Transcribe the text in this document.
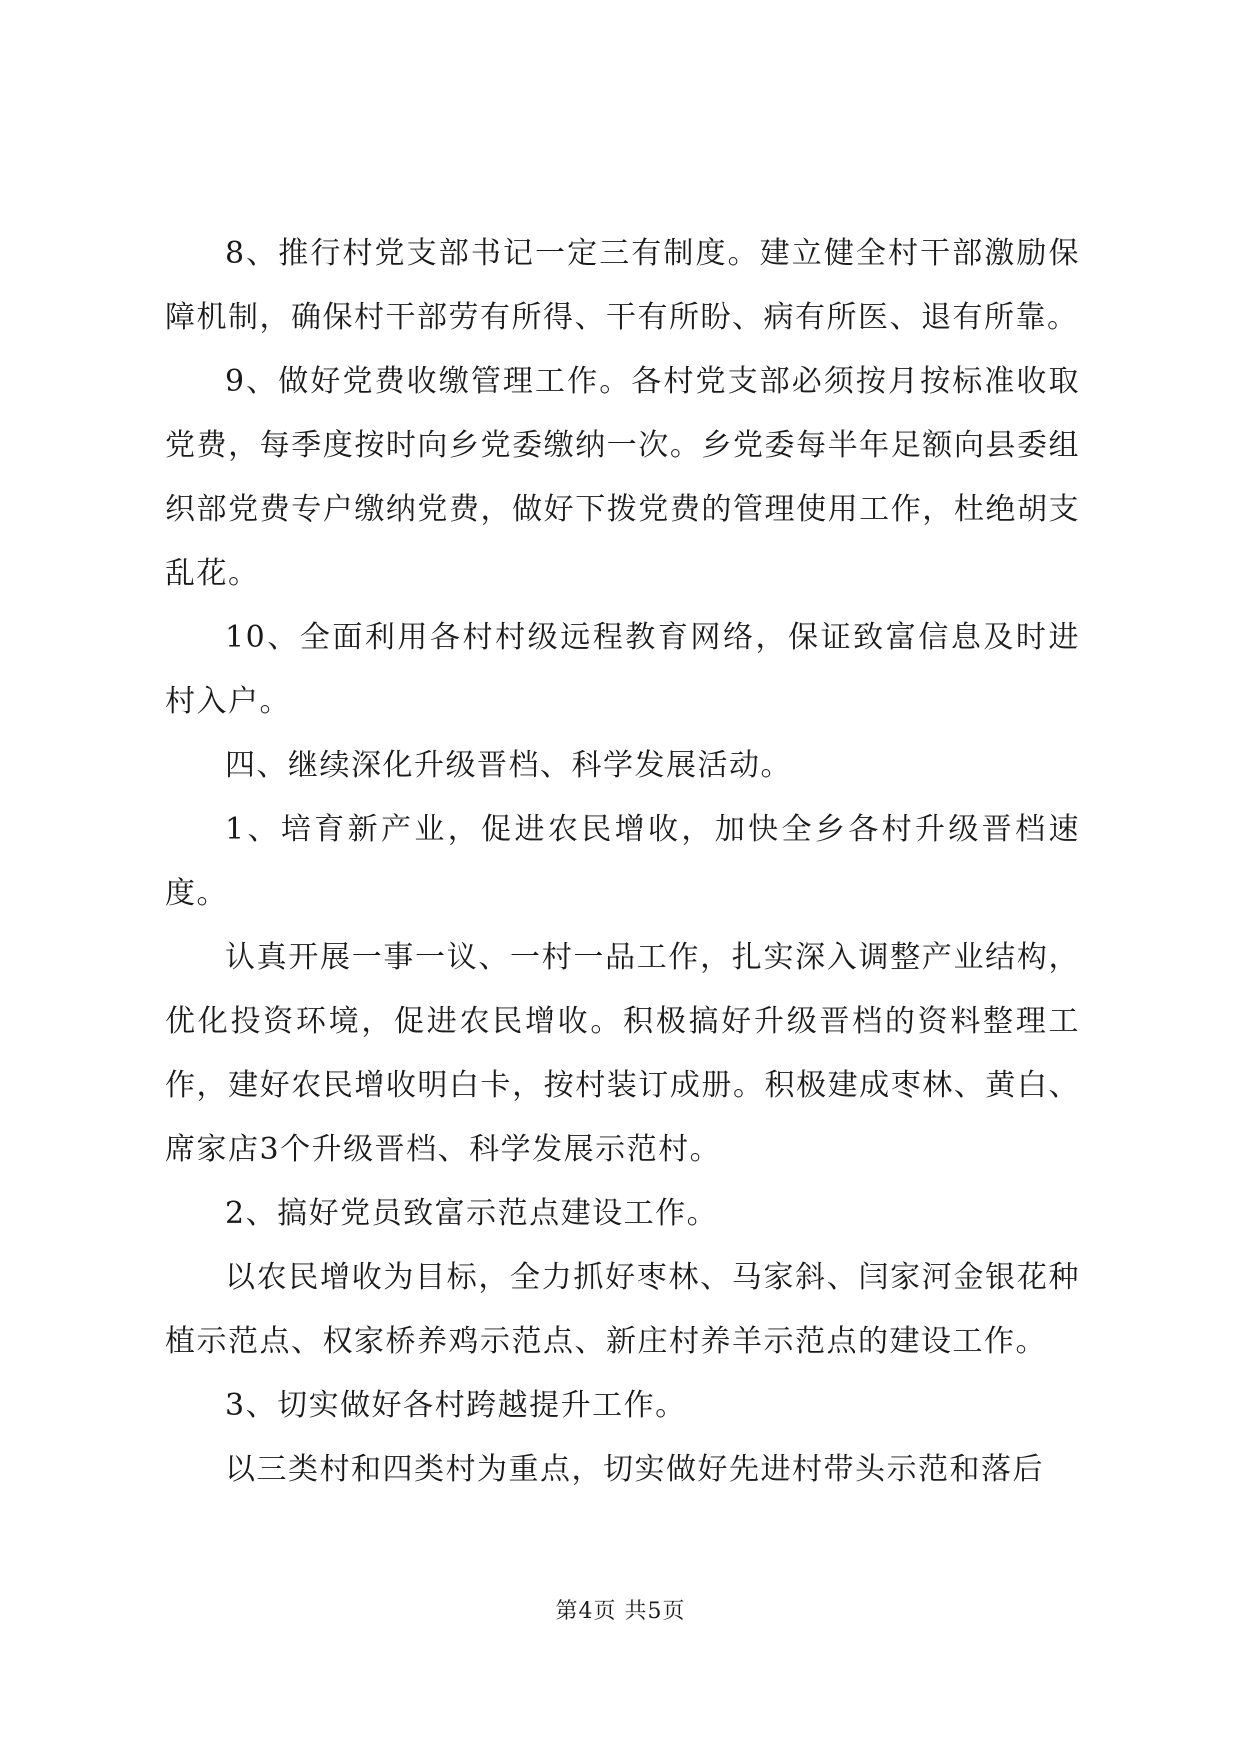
8、推行村党支部书记一定三有制度。建立健全村干部激励保障机制，确保村干部劳有所得、干有所盼、病有所医、退有所靠。

9、做好党费收缴管理工作。各村党支部必须按月按标准收取党费，每季度按时向乡党委缴纳一次。乡党委每半年足额向县委组织部党费专户缴纳党费，做好下拨党费的管理使用工作，杜绝胡支乱花。

10、全面利用各村村级远程教育网络，保证致富信息及时进村入户。

四、继续深化升级晋档、科学发展活动。

1、培育新产业，促进农民增收，加快全乡各村升级晋档速度。

认真开展一事一议、一村一品工作，扎实深入调整产业结构，优化投资环境，促进农民增收。积极搞好升级晋档的资料整理工作，建好农民增收明白卡，按村装订成册。积极建成枣林、黄白、席家店3个升级晋档、科学发展示范村。

2、搞好党员致富示范点建设工作。

以农民增收为目标，全力抓好枣林、马家斜、闫家河金银花种植示范点、权家桥养鸡示范点、新庄村养羊示范点的建设工作。

3、切实做好各村跨越提升工作。

以三类村和四类村为重点，切实做好先进村带头示范和落后

第4页 共5页
